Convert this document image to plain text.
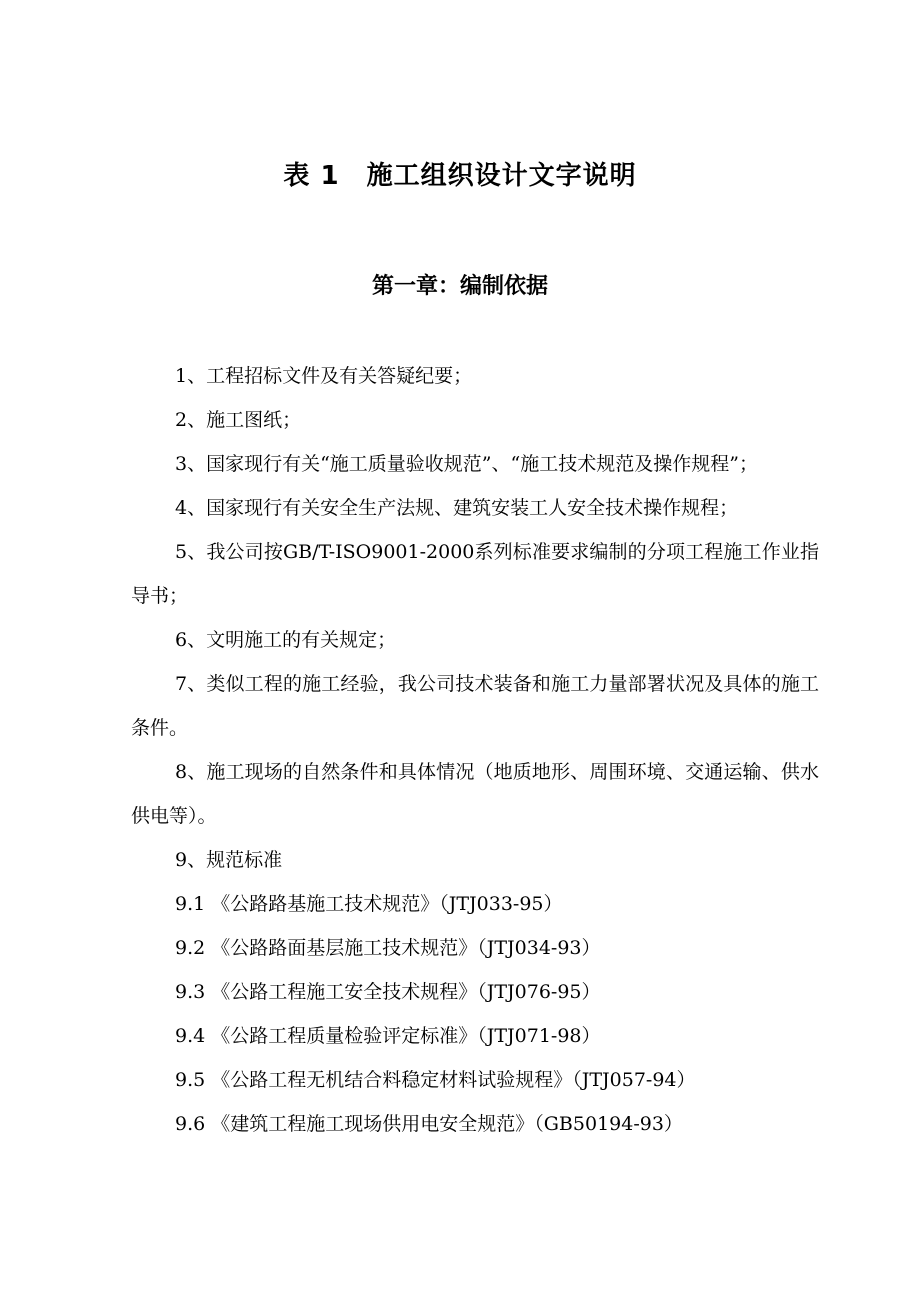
表 1　施工组织设计文字说明
第一章：编制依据

1、工程招标文件及有关答疑纪要；

2、施工图纸；

3、国家现行有关“施工质量验收规范”、“施工技术规范及操作规程”；

4、国家现行有关安全生产法规、建筑安装工人安全技术操作规程；

5、我公司按GB/T-ISO9001-2000系列标准要求编制的分项工程施工作业指导书；

6、文明施工的有关规定；

7、类似工程的施工经验，我公司技术装备和施工力量部署状况及具体的施工条件。

8、施工现场的自然条件和具体情况（地质地形、周围环境、交通运输、供水供电等）。

9、规范标准

9.1 《公路路基施工技术规范》（JTJ033-95）

9.2 《公路路面基层施工技术规范》（JTJ034-93）

9.3 《公路工程施工安全技术规程》（JTJ076-95）

9.4 《公路工程质量检验评定标准》（JTJ071-98）

9.5 《公路工程无机结合料稳定材料试验规程》（JTJ057-94）

9.6 《建筑工程施工现场供用电安全规范》（GB50194-93）
